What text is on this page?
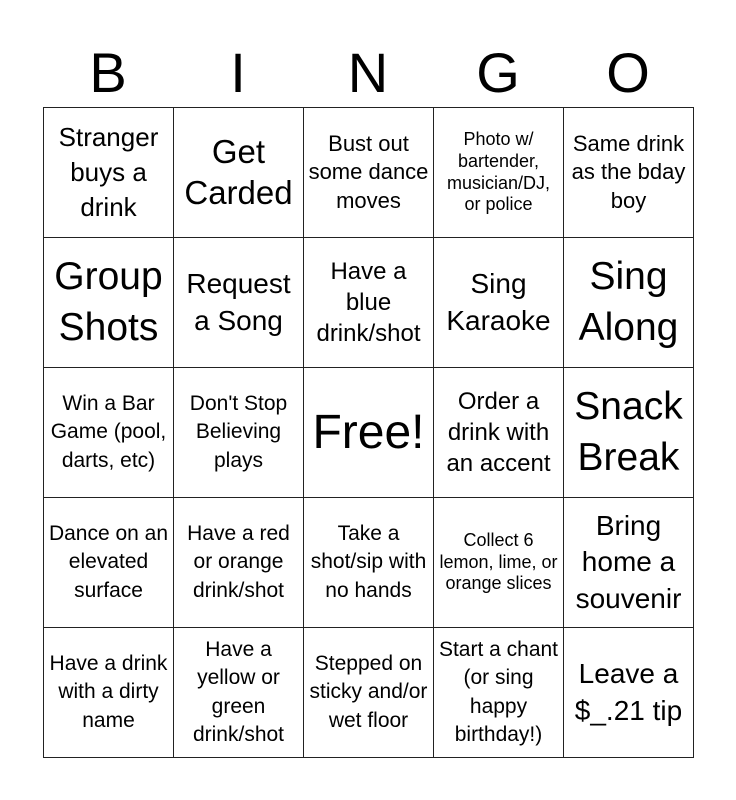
B	I	N	G	O
Stranger buys a drink	Get Carded	Bust out some dance moves	Photo w/ bartender, musician/DJ, or police	Same drink as the bday boy
Group Shots	Request a Song	Have a blue drink/shot	Sing Karaoke	Sing Along
Win a Bar Game (pool, darts, etc)	Don't Stop Believing plays	Free!	Order a drink with an accent	Snack Break
Dance on an elevated surface	Have a red or orange drink/shot	Take a shot/sip with no hands	Collect 6 lemon, lime, or orange slices	Bring home a souvenir
Have a drink with a dirty name	Have a yellow or green drink/shot	Stepped on sticky and/or wet floor	Start a chant (or sing happy birthday!)	Leave a $_.21 tip
